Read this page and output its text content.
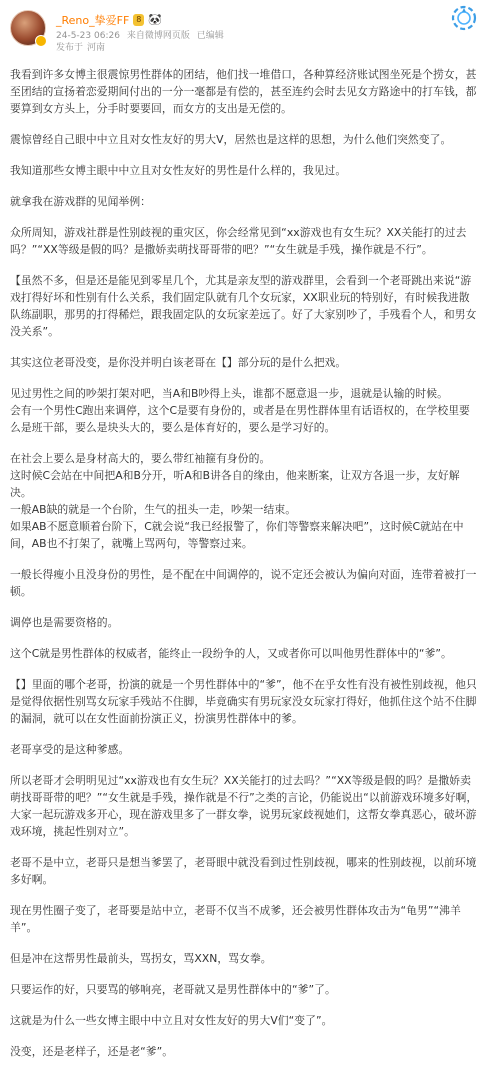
_Reno_挚爱FF 8 🐼
24-5-23 06:26 来自微博网页版 已编辑
发布于 河南

我看到许多女博主很震惊男性群体的团结，他们找一堆借口，各种算经济账试图坐死是个捞女，甚至团结的宣扬着恋爱期间付出的一分一毫都是有偿的，甚至连约会时去见女方路途中的打车钱，都要算到女方头上，分手时要要回，而女方的支出是无偿的。

震惊曾经自己眼中中立且对女性友好的男大V，居然也是这样的思想，为什么他们突然变了。

我知道那些女博主眼中中立且对女性友好的男性是什么样的，我见过。

就拿我在游戏群的见闻举例：

众所周知，游戏社群是性别歧视的重灾区，你会经常见到“xx游戏也有女生玩？XX关能打的过去吗？”“XX等级是假的吗？是撒娇卖萌找哥哥带的吧？”“女生就是手残，操作就是不行”。

【虽然不多，但是还是能见到零星几个，尤其是亲友型的游戏群里，会看到一个老哥跳出来说“游戏打得好坏和性别有什么关系，我们固定队就有几个女玩家，XX职业玩的特别好，有时候我进散队练副职，那男的打得稀烂，跟我固定队的女玩家差远了。好了大家别吵了，手残看个人，和男女没关系”。

其实这位老哥没变，是你没并明白该老哥在【】部分玩的是什么把戏。

见过男性之间的吵架打架对吧，当A和B吵得上头，谁都不愿意退一步，退就是认输的时候。
会有一个男性C跑出来调停，这个C是要有身份的，或者是在男性群体里有话语权的，在学校里要么是班干部，要么是块头大的，要么是体育好的，要么是学习好的。

在社会上要么是身材高大的，要么带红袖箍有身份的。
这时候C会站在中间把A和B分开，听A和B讲各自的缘由，他来断案，让双方各退一步，友好解决。
一般AB缺的就是一个台阶，生气的扭头一走，吵架一结束。
如果AB不愿意顺着台阶下，C就会说“我已经报警了，你们等警察来解决吧”，这时候C就站在中间，AB也不打架了，就嘴上骂两句，等警察过来。

一般长得瘦小且没身份的男性，是不配在中间调停的，说不定还会被认为偏向对面，连带着被打一顿。

调停也是需要资格的。

这个C就是男性群体的权威者，能终止一段纷争的人，又或者你可以叫他男性群体中的“爹”。

【】里面的哪个老哥，扮演的就是一个男性群体中的“爹”，他不在乎女性有没有被性别歧视，他只是觉得依据性别骂女玩家手残站不住脚，毕竟确实有男玩家没女玩家打得好，他抓住这个站不住脚的漏洞，就可以在女性面前扮演正义，扮演男性群体中的爹。

老哥享受的是这种爹感。

所以老哥才会明明见过“xx游戏也有女生玩？XX关能打的过去吗？”“XX等级是假的吗？是撒娇卖萌找哥哥带的吧？”“女生就是手残，操作就是不行”之类的言论，仍能说出“以前游戏环境多好啊，大家一起玩游戏多开心，现在游戏里多了一群女拳，说男玩家歧视她们，这帮女拳真恶心，破坏游戏环境，挑起性别对立”。

老哥不是中立，老哥只是想当爹罢了，老哥眼中就没看到过性别歧视，哪来的性别歧视，以前环境多好啊。

现在男性圈子变了，老哥要是站中立，老哥不仅当不成爹，还会被男性群体攻击为“龟男”“沸羊羊”。

但是冲在这帮男性最前头，骂拐女，骂XXN，骂女拳。

只要运作的好，只要骂的够响亮，老哥就又是男性群体中的“爹”了。

这就是为什么一些女博主眼中中立且对女性友好的男大V们“变了”。

没变，还是老样子，还是老“爹”。
